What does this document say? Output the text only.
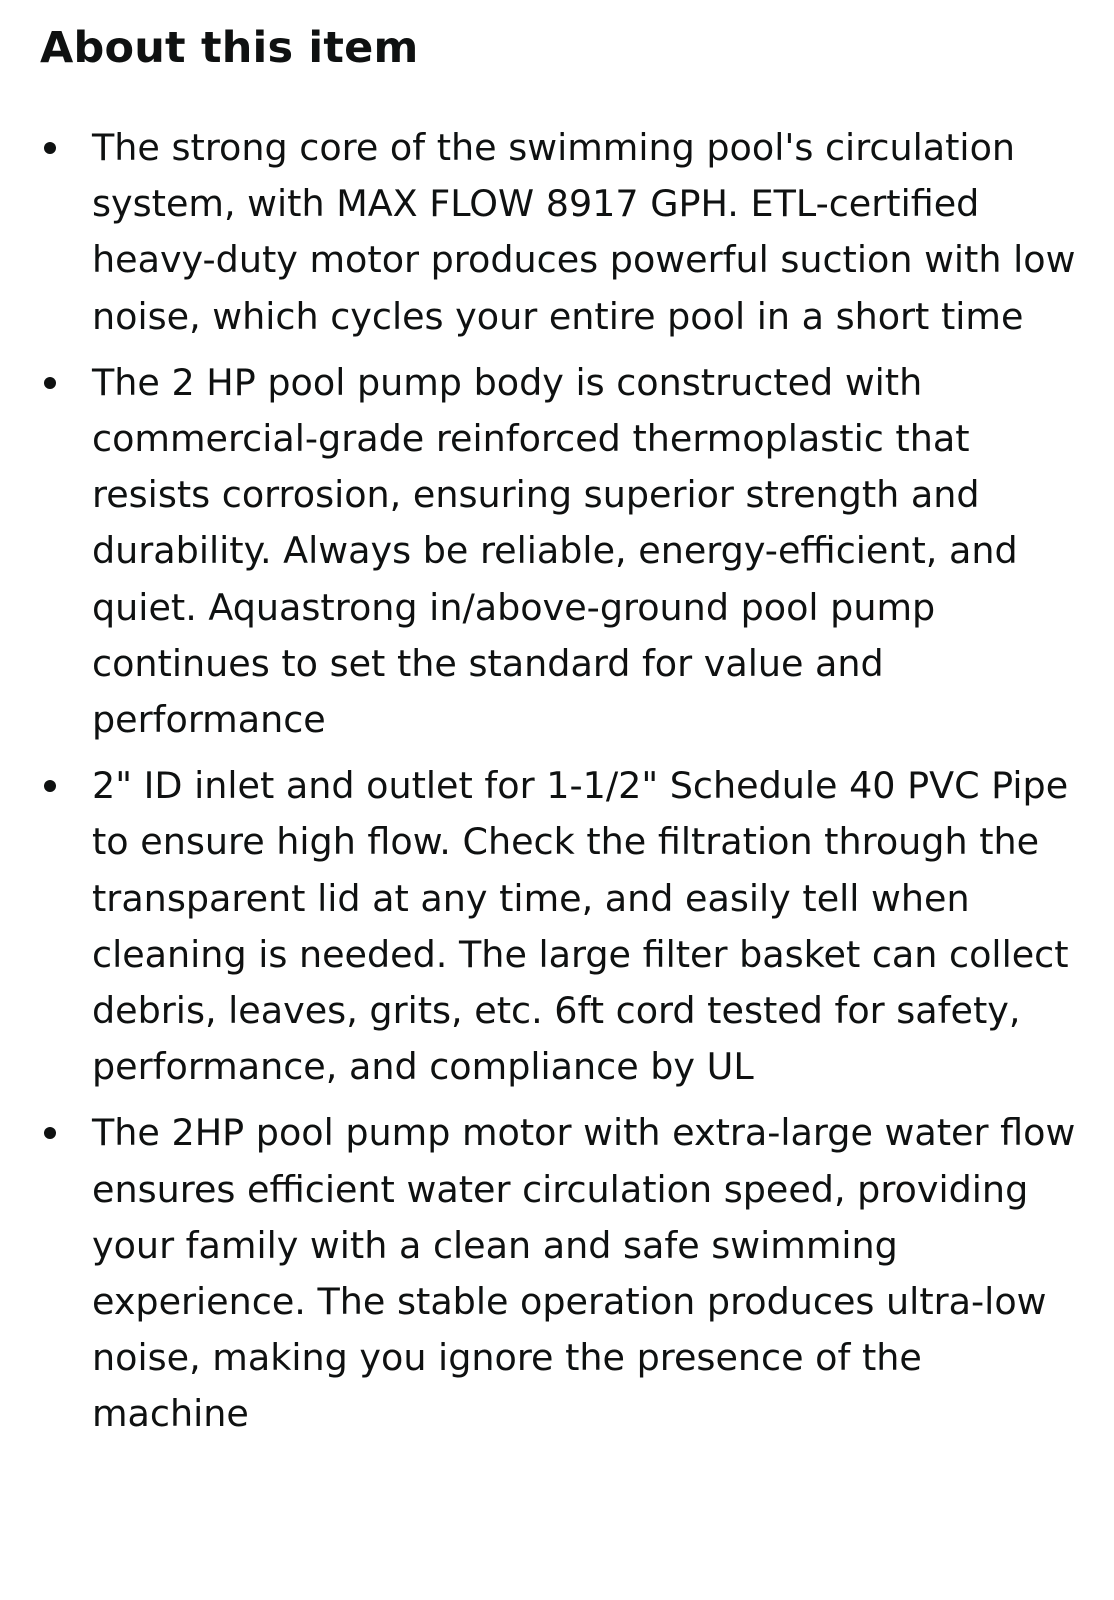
About this item
The strong core of the swimming pool's circulation system, with MAX FLOW 8917 GPH. ETL-certified heavy-duty motor produces powerful suction with low noise, which cycles your entire pool in a short time
The 2 HP pool pump body is constructed with commercial-grade reinforced thermoplastic that resists corrosion, ensuring superior strength and durability. Always be reliable, energy-efficient, and quiet. Aquastrong in/above-ground pool pump continues to set the standard for value and performance
2" ID inlet and outlet for 1-1/2" Schedule 40 PVC Pipe to ensure high flow. Check the filtration through the transparent lid at any time, and easily tell when cleaning is needed. The large filter basket can collect debris, leaves, grits, etc. 6ft cord tested for safety, performance, and compliance by UL
The 2HP pool pump motor with extra-large water flow ensures efficient water circulation speed, providing your family with a clean and safe swimming experience. The stable operation produces ultra-low noise, making you ignore the presence of the machine
